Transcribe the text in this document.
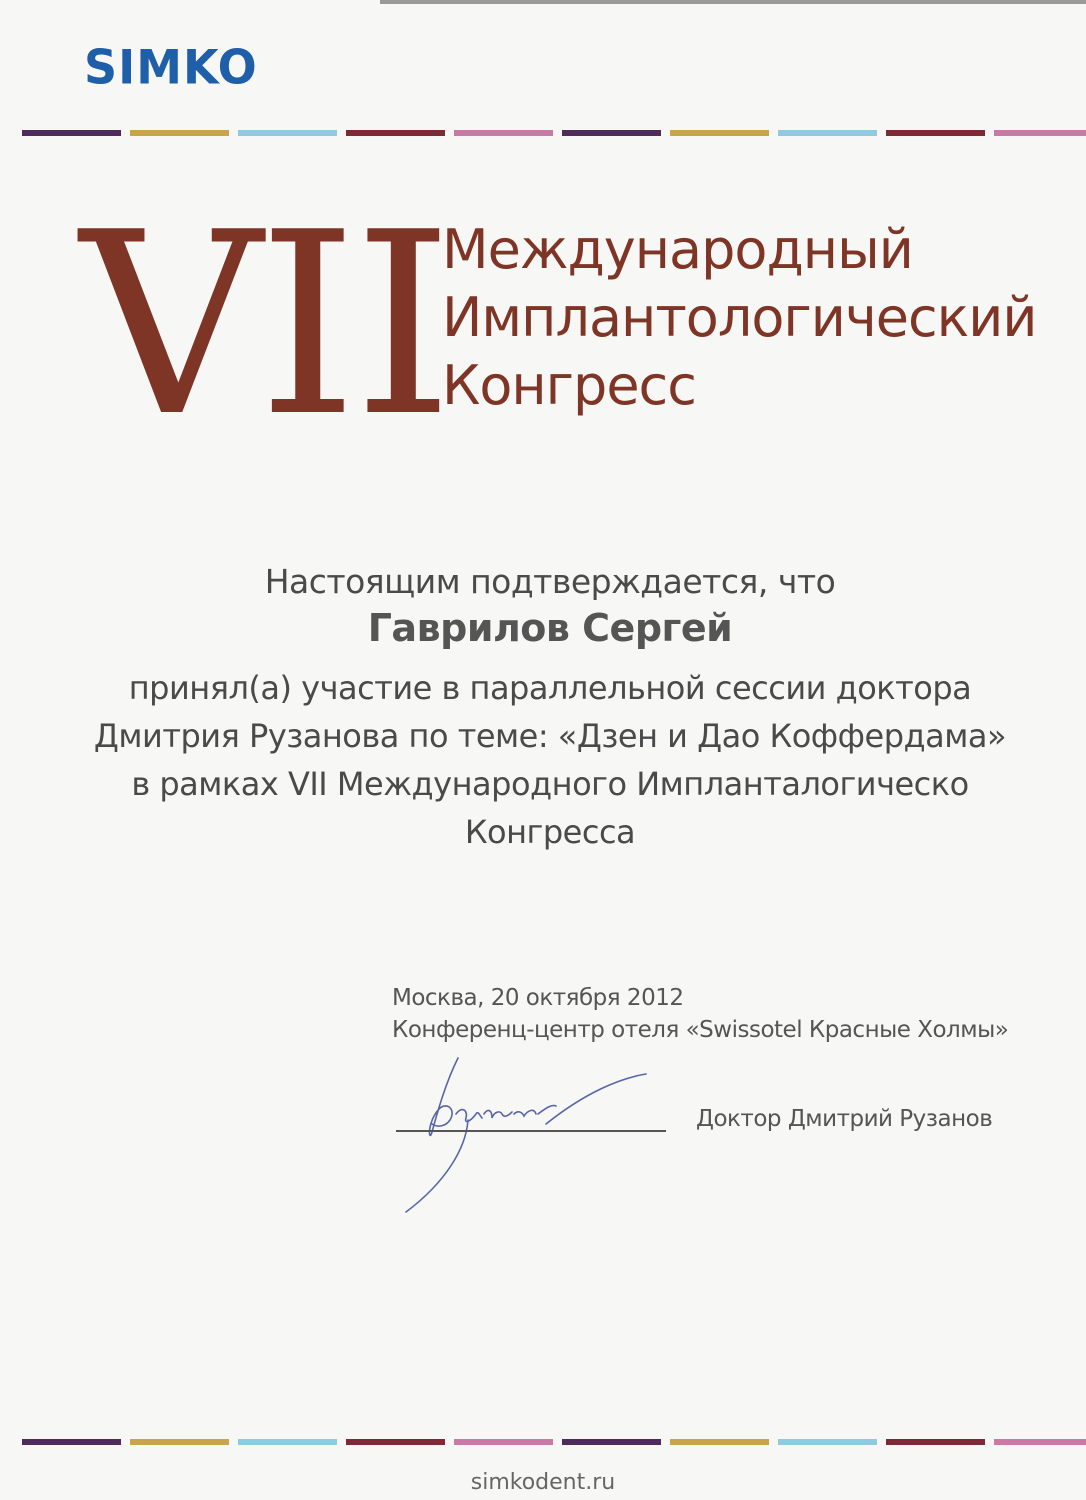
SIMKO
VII
Международный
Имплантологический
Конгресс
Настоящим подтверждается, что
Гаврилов Сергей
принял(а) участие в параллельной сессии доктора
Дмитрия Рузанова по теме: «Дзен и Дао Коффердама»
в рамках VII Международного Импланталогическо
Конгресса
Москва, 20 октября 2012
Конференц-центр отеля «Swissotel Красные Холмы»
Доктор Дмитрий Рузанов
simkodent.ru
